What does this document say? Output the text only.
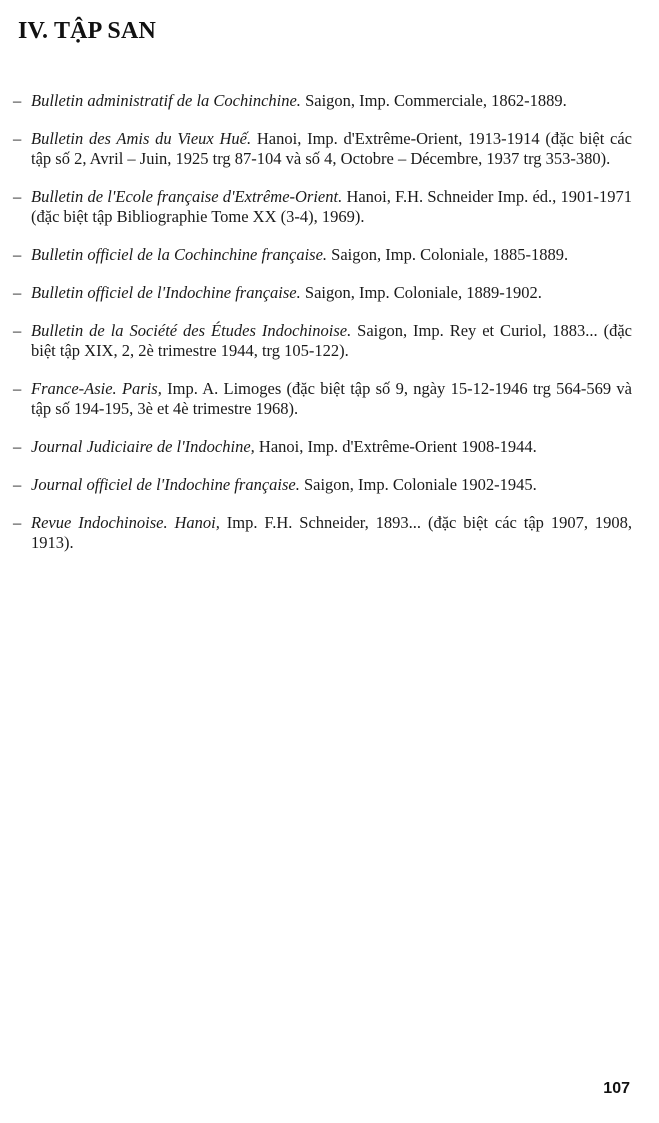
IV. TẬP SAN
– Bulletin administratif de la Cochinchine. Saigon, Imp. Commerciale, 1862-1889.
– Bulletin des Amis du Vieux Huế. Hanoi, Imp. d'Extrême-Orient, 1913-1914 (đặc biệt các tập số 2, Avril – Juin, 1925 trg 87-104 và số 4, Octobre – Décembre, 1937 trg 353-380).
– Bulletin de l'Ecole française d'Extrême-Orient. Hanoi, F.H. Schneider Imp. éd., 1901-1971 (đặc biệt tập Bibliographie Tome XX (3-4), 1969).
– Bulletin officiel de la Cochinchine française. Saigon, Imp. Coloniale, 1885-1889.
– Bulletin officiel de l'Indochine française. Saigon, Imp. Coloniale, 1889-1902.
– Bulletin de la Société des Études Indochinoise. Saigon, Imp. Rey et Curiol, 1883... (đặc biệt tập XIX, 2, 2è trimestre 1944, trg 105-122).
– France-Asie. Paris, Imp. A. Limoges (đặc biệt tập số 9, ngày 15-12-1946 trg 564-569 và tập số 194-195, 3è et 4è trimestre 1968).
– Journal Judiciaire de l'Indochine, Hanoi, Imp. d'Extrême-Orient 1908-1944.
– Journal officiel de l'Indochine française. Saigon, Imp. Coloniale 1902-1945.
– Revue Indochinoise. Hanoi, Imp. F.H. Schneider, 1893... (đặc biệt các tập 1907, 1908, 1913).
107
